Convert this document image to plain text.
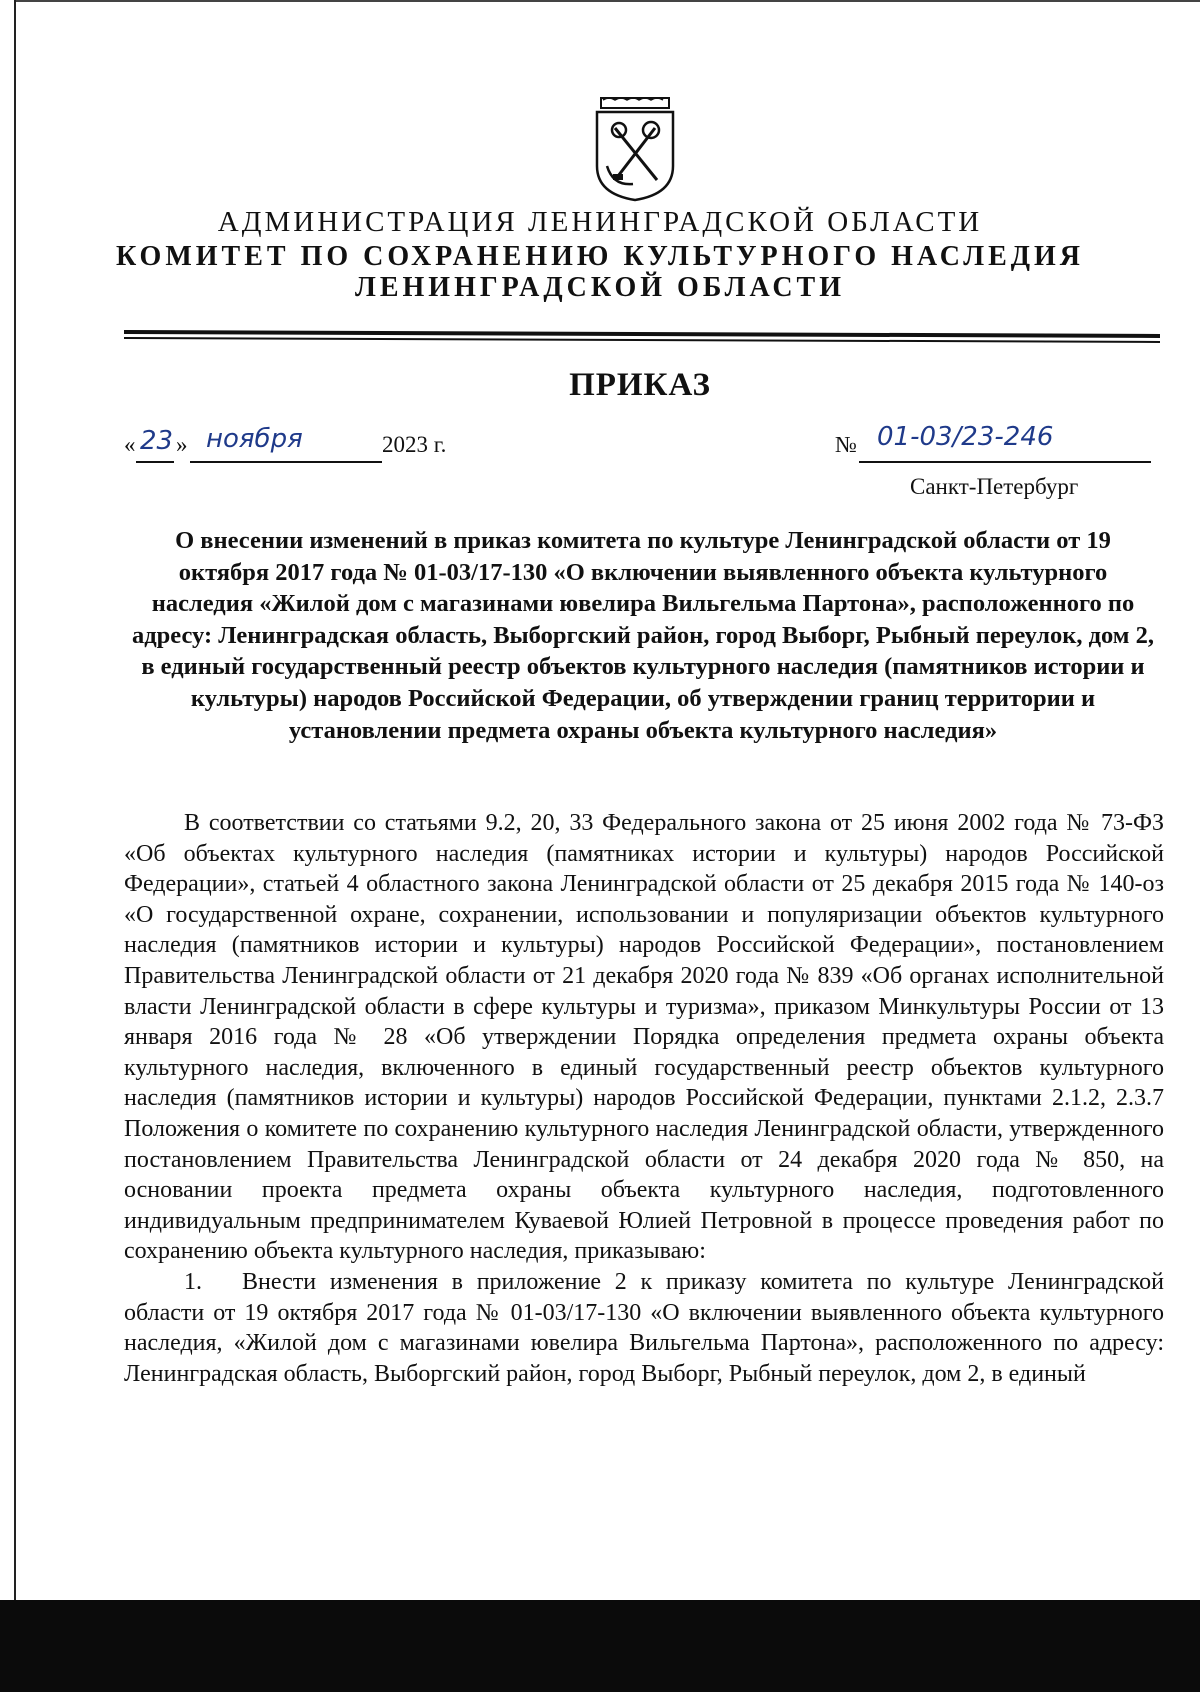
АДМИНИСТРАЦИЯ ЛЕНИНГРАДСКОЙ ОБЛАСТИ
КОМИТЕТ ПО СОХРАНЕНИЮ КУЛЬТУРНОГО НАСЛЕДИЯ
ЛЕНИНГРАДСКОЙ ОБЛАСТИ
ПРИКАЗ
« 23 » ноября	2023 г.	№ 01-03/23-246
Санкт-Петербург
О внесении изменений в приказ комитета по культуре Ленинградской области от 19 октября 2017 года № 01-03/17-130 «О включении выявленного объекта культурного наследия «Жилой дом с магазинами ювелира Вильгельма Партона», расположенного по адресу: Ленинградская область, Выборгский район, город Выборг, Рыбный переулок, дом 2, в единый государственный реестр объектов культурного наследия (памятников истории и культуры) народов Российской Федерации, об утверждении границ территории и установлении предмета охраны объекта культурного наследия»

В соответствии со статьями 9.2, 20, 33 Федерального закона от 25 июня 2002 года № 73-ФЗ «Об объектах культурного наследия (памятниках истории и культуры) народов Российской Федерации», статьей 4 областного закона Ленинградской области от 25 декабря 2015 года № 140-оз «О государственной охране, сохранении, использовании и популяризации объектов культурного наследия (памятников истории и культуры) народов Российской Федерации», постановлением Правительства Ленинградской области от 21 декабря 2020 года № 839 «Об органах исполнительной власти Ленинградской области в сфере культуры и туризма», приказом Минкультуры России от 13 января 2016 года № 28 «Об утверждении Порядка определения предмета охраны объекта культурного наследия, включенного в единый государственный реестр объектов культурного наследия (памятников истории и культуры) народов Российской Федерации, пунктами 2.1.2, 2.3.7 Положения о комитете по сохранению культурного наследия Ленинградской области, утвержденного постановлением Правительства Ленинградской области от 24 декабря 2020 года № 850, на основании проекта предмета охраны объекта культурного наследия, подготовленного индивидуальным предпринимателем Куваевой Юлией Петровной в процессе проведения работ по сохранению объекта культурного наследия, приказываю:

1. Внести изменения в приложение 2 к приказу комитета по культуре Ленинградской области от 19 октября 2017 года № 01-03/17-130 «О включении выявленного объекта культурного наследия, «Жилой дом с магазинами ювелира Вильгельма Партона», расположенного по адресу: Ленинградская область, Выборгский район, город Выборг, Рыбный переулок, дом 2, в единый
